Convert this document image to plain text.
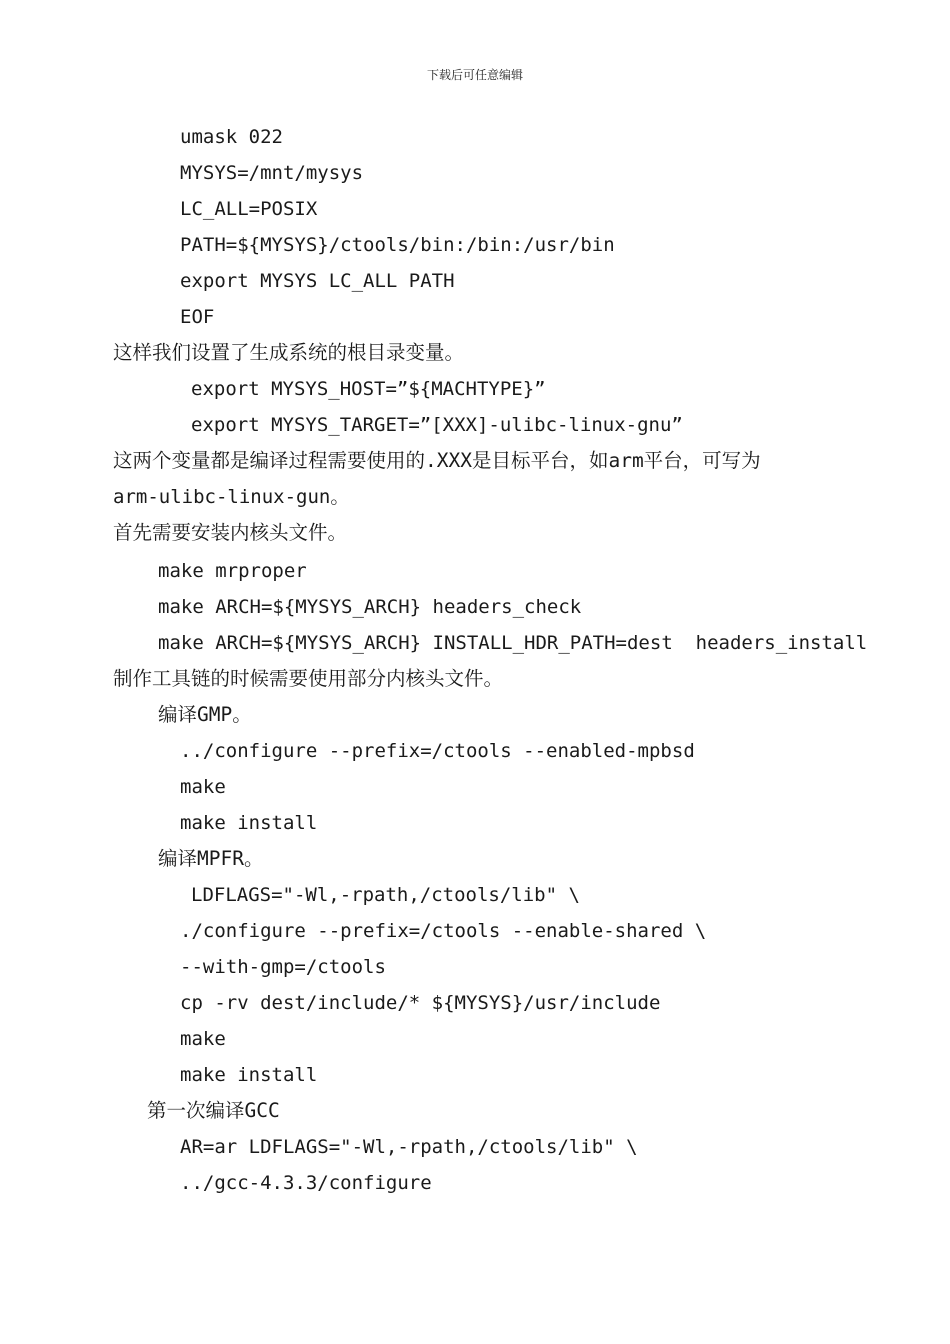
下载后可任意编辑
umask 022
MYSYS=/mnt/mysys
LC_ALL=POSIX
PATH=${MYSYS}/ctools/bin:/bin:/usr/bin
export MYSYS LC_ALL PATH
EOF
这样我们设置了生成系统的根目录变量。
export MYSYS_HOST=”${MACHTYPE}”
export MYSYS_TARGET=”[XXX]-ulibc-linux-gnu”
这两个变量都是编译过程需要使用的.XXX是目标平台，如arm平台，可写为
arm-ulibc-linux-gun。
首先需要安装内核头文件。
make mrproper
make ARCH=${MYSYS_ARCH} headers_check
make ARCH=${MYSYS_ARCH} INSTALL_HDR_PATH=dest  headers_install
制作工具链的时候需要使用部分内核头文件。
编译GMP。
../configure --prefix=/ctools --enabled-mpbsd
make
make install
编译MPFR。
LDFLAGS="-Wl,-rpath,/ctools/lib" \
./configure --prefix=/ctools --enable-shared \
--with-gmp=/ctools
cp -rv dest/include/* ${MYSYS}/usr/include
make
make install
第一次编译GCC
AR=ar LDFLAGS="-Wl,-rpath,/ctools/lib" \
../gcc-4.3.3/configure
